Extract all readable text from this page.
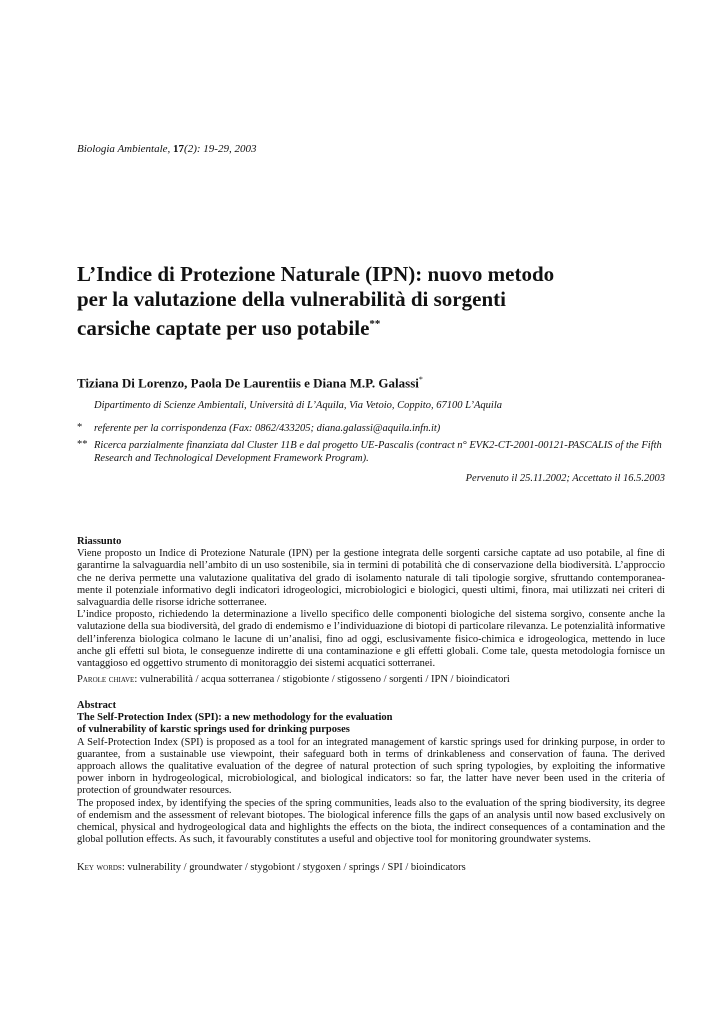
Biologia Ambientale, 17(2): 19-29, 2003
L’Indice di Protezione Naturale (IPN): nuovo metodo
per la valutazione della vulnerabilità di sorgenti
carsiche captate per uso potabile**
Tiziana Di Lorenzo, Paola De Laurentiis e Diana M.P. Galassi*
Dipartimento di Scienze Ambientali, Università di L’Aquila, Via Vetoio, Coppito, 67100 L’Aquila
*	referente per la corrispondenza (Fax: 0862/433205; diana.galassi@aquila.infn.it)
** Ricerca parzialmente finanziata dal Cluster 11B e dal progetto UE-Pascalis (contract n° EVK2-CT-2001-00121-PASCALIS of the Fifth Research and Technological Development Framework Program).
Pervenuto il 25.11.2002; Accettato il 16.5.2003
Riassunto

Viene proposto un Indice di Protezione Naturale (IPN) per la gestione integrata delle sorgenti carsiche captate ad uso potabile, al fine di garantirne la salvaguardia nell’ambito di un uso sostenibile, sia in termini di potabilità che di conservazione della biodiversità. L’approccio che ne deriva permette una valutazione qualitativa del grado di isolamento naturale di tali tipologie sorgive, sfruttando contemporanea-mente il potenziale informativo degli indicatori idrogeologici, microbiologici e biologici, questi ultimi, finora, mai utilizzati nei criteri di salvaguardia delle risorse idriche sotterranee.

L’indice proposto, richiedendo la determinazione a livello specifico delle componenti biologiche del sistema sorgivo, consente anche la valutazione della sua biodiversità, del grado di endemismo e l’individuazione di biotopi di particolare rilevanza. Le potenzialità informative dell’inferenza biologica colmano le lacune di un’analisi, fino ad oggi, esclusivamente fisico-chimica e idrogeologica, mettendo in luce anche gli effetti sul biota, le conseguenze indirette di una contaminazione e gli effetti globali. Come tale, questa metodologia fornisce un vantaggioso ed oggettivo strumento di monitoraggio dei sistemi acquatici sotterranei.

Parole chiave: vulnerabilità / acqua sotterranea / stigobionte / stigosseno / sorgenti / IPN / bioindicatori
Abstract
The Self-Protection Index (SPI): a new methodology for the evaluation
of vulnerability of karstic springs used for drinking purposes

A Self-Protection Index (SPI) is proposed as a tool for an integrated management of karstic springs used for drinking purpose, in order to guarantee, from a sustainable use viewpoint, their safeguard both in terms of drinkableness and conservation of fauna. The derived approach allows the qualitative evaluation of the degree of natural protection of such spring typologies, by exploiting the informative power inborn in hydrogeological, microbiological, and biological indicators: so far, the latter have never been used in the criteria of protection of groundwater resources.

The proposed index, by identifying the species of the spring communities, leads also to the evaluation of the spring biodiversity, its degree of endemism and the assessment of relevant biotopes. The biological inference fills the gaps of an analysis until now based exclusively on chemical, physical and hydrogeological data and highlights the effects on the biota, the indirect consequences of a contamination and the global pollution effects. As such, it favourably constitutes a useful and objective tool for monitoring groundwater systems.

Key words: vulnerability / groundwater / stygobiont / stygoxen / springs / SPI / bioindicators
